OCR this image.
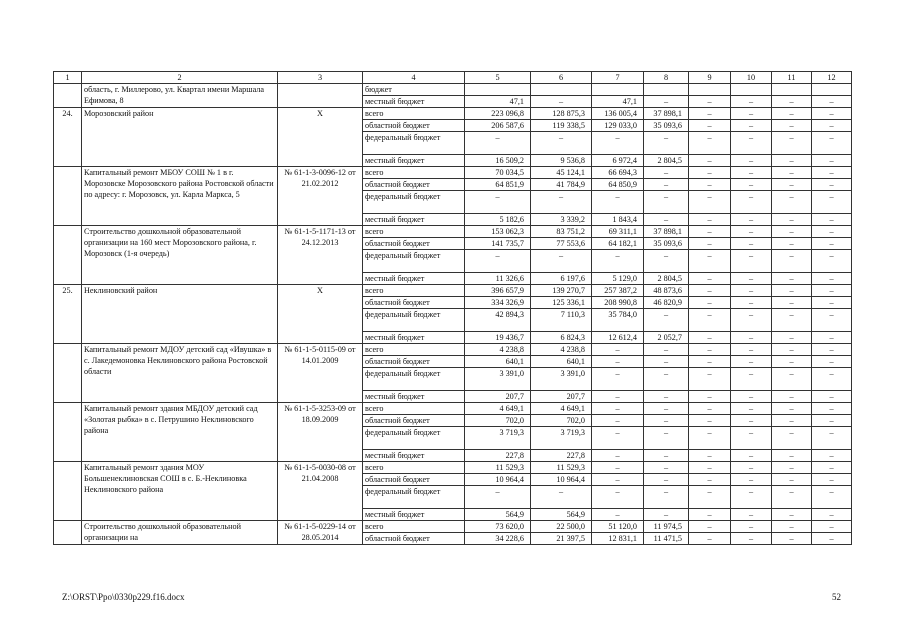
1	2	3	4	5	6	7	8	9	10	11	12
	область, г. Миллерово, ул. Квартал имени Маршала Ефимова, 8		бюджет								
			местный бюджет	47,1	–	47,1	–	–	–	–	–
24.	Морозовский район	X	всего	223 096,8	128 875,3	136 005,4	37 898,1	–	–	–	–
			областной бюджет	206 587,6	119 338,5	129 033,0	35 093,6	–	–	–	–
			федеральный бюджет	–	–	–	–	–	–	–	–
			местный бюджет	16 509,2	9 536,8	6 972,4	2 804,5	–	–	–	–
	Капитальный ремонт МБОУ СОШ № 1 в г. Морозовске Морозовского района Ростовской области по адресу: г. Морозовск, ул. Карла Маркса, 5	№ 61-1-3-0096-12 от 21.02.2012	всего	70 034,5	45 124,1	66 694,3	–	–	–	–	–
			областной бюджет	64 851,9	41 784,9	64 850,9	–	–	–	–	–
			федеральный бюджет	–	–	–	–	–	–	–	–
			местный бюджет	5 182,6	3 339,2	1 843,4	–	–	–	–	–
	Строительство дошкольной образовательной организации на 160 мест Морозовского района, г. Морозовск (1-я очередь)	№ 61-1-5-1171-13 от 24.12.2013	всего	153 062,3	83 751,2	69 311,1	37 898,1	–	–	–	–
			областной бюджет	141 735,7	77 553,6	64 182,1	35 093,6	–	–	–	–
			федеральный бюджет	–	–	–	–	–	–	–	–
			местный бюджет	11 326,6	6 197,6	5 129,0	2 804,5	–	–	–	–
25.	Неклиновский район	X	всего	396 657,9	139 270,7	257 387,2	48 873,6	–	–	–	–
			областной бюджет	334 326,9	125 336,1	208 990,8	46 820,9	–	–	–	–
			федеральный бюджет	42 894,3	7 110,3	35 784,0	–	–	–	–	–
			местный бюджет	19 436,7	6 824,3	12 612,4	2 052,7	–	–	–	–
	Капитальный ремонт МДОУ детский сад «Ивушка» в с. Лакедемоновка Неклиновского района Ростовской области	№ 61-1-5-0115-09 от 14.01.2009	всего	4 238,8	4 238,8	–	–	–	–	–	–
			областной бюджет	640,1	640,1	–	–	–	–	–	–
			федеральный бюджет	3 391,0	3 391,0	–	–	–	–	–	–
			местный бюджет	207,7	207,7	–	–	–	–	–	–
	Капитальный ремонт здания МБДОУ детский сад «Золотая рыбка» в с. Петрушино Неклиновского района	№ 61-1-5-3253-09 от 18.09.2009	всего	4 649,1	4 649,1	–	–	–	–	–	–
			областной бюджет	702,0	702,0	–	–	–	–	–	–
			федеральный бюджет	3 719,3	3 719,3	–	–	–	–	–	–
			местный бюджет	227,8	227,8	–	–	–	–	–	–
	Капитальный ремонт здания МОУ Большенеклиновская СОШ в с. Б.-Неклиновка Неклиновского района	№ 61-1-5-0030-08 от 21.04.2008	всего	11 529,3	11 529,3	–	–	–	–	–	–
			областной бюджет	10 964,4	10 964,4	–	–	–	–	–	–
			федеральный бюджет	–	–	–	–	–	–	–	–
			местный бюджет	564,9	564,9	–	–	–	–	–	–
	Строительство дошкольной образовательной организации на	№ 61-1-5-0229-14 от 28.05.2014	всего	73 620,0	22 500,0	51 120,0	11 974,5	–	–	–	–
			областной бюджет	34 228,6	21 397,5	12 831,1	11 471,5	–	–	–	–
Z:\ORST\Ppo\0330p229.f16.docx	52
